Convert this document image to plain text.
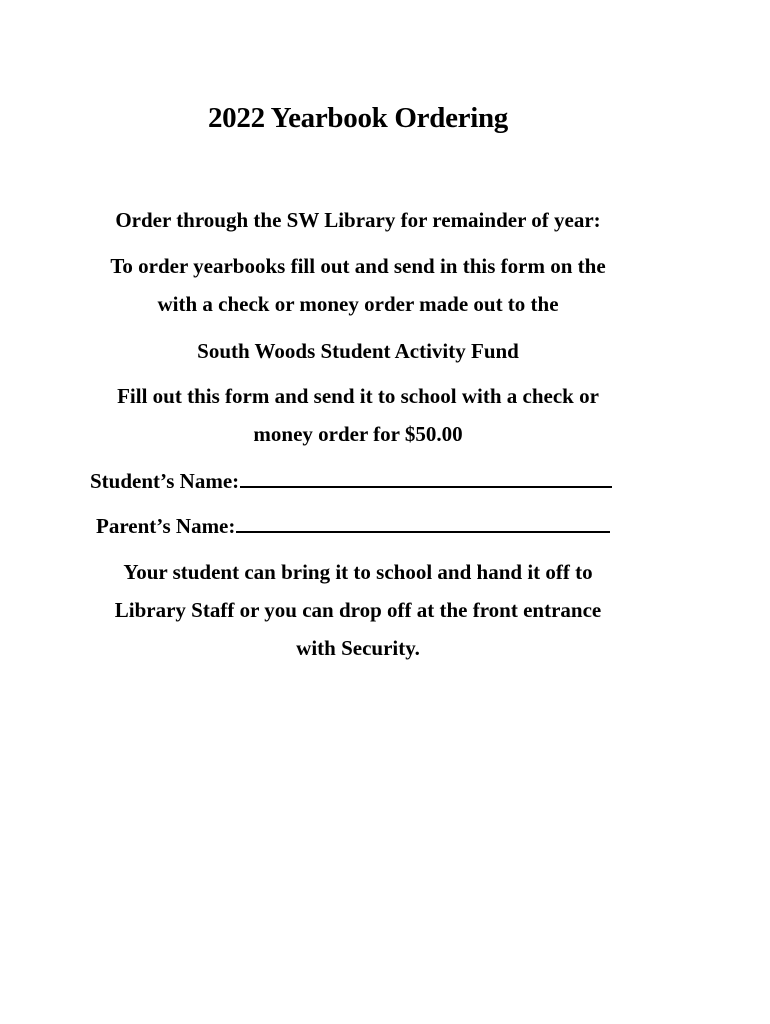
2022 Yearbook Ordering
Order through the SW Library for remainder of year:
To order yearbooks fill out and send in this form on the
with a check or money order made out to the
South Woods Student Activity Fund
Fill out this form and send it to school with a check or
money order for $50.00
Student’s Name:
Parent’s Name:
Your student can bring it to school and hand it off to
Library Staff or you can drop off at the front entrance
with Security.
